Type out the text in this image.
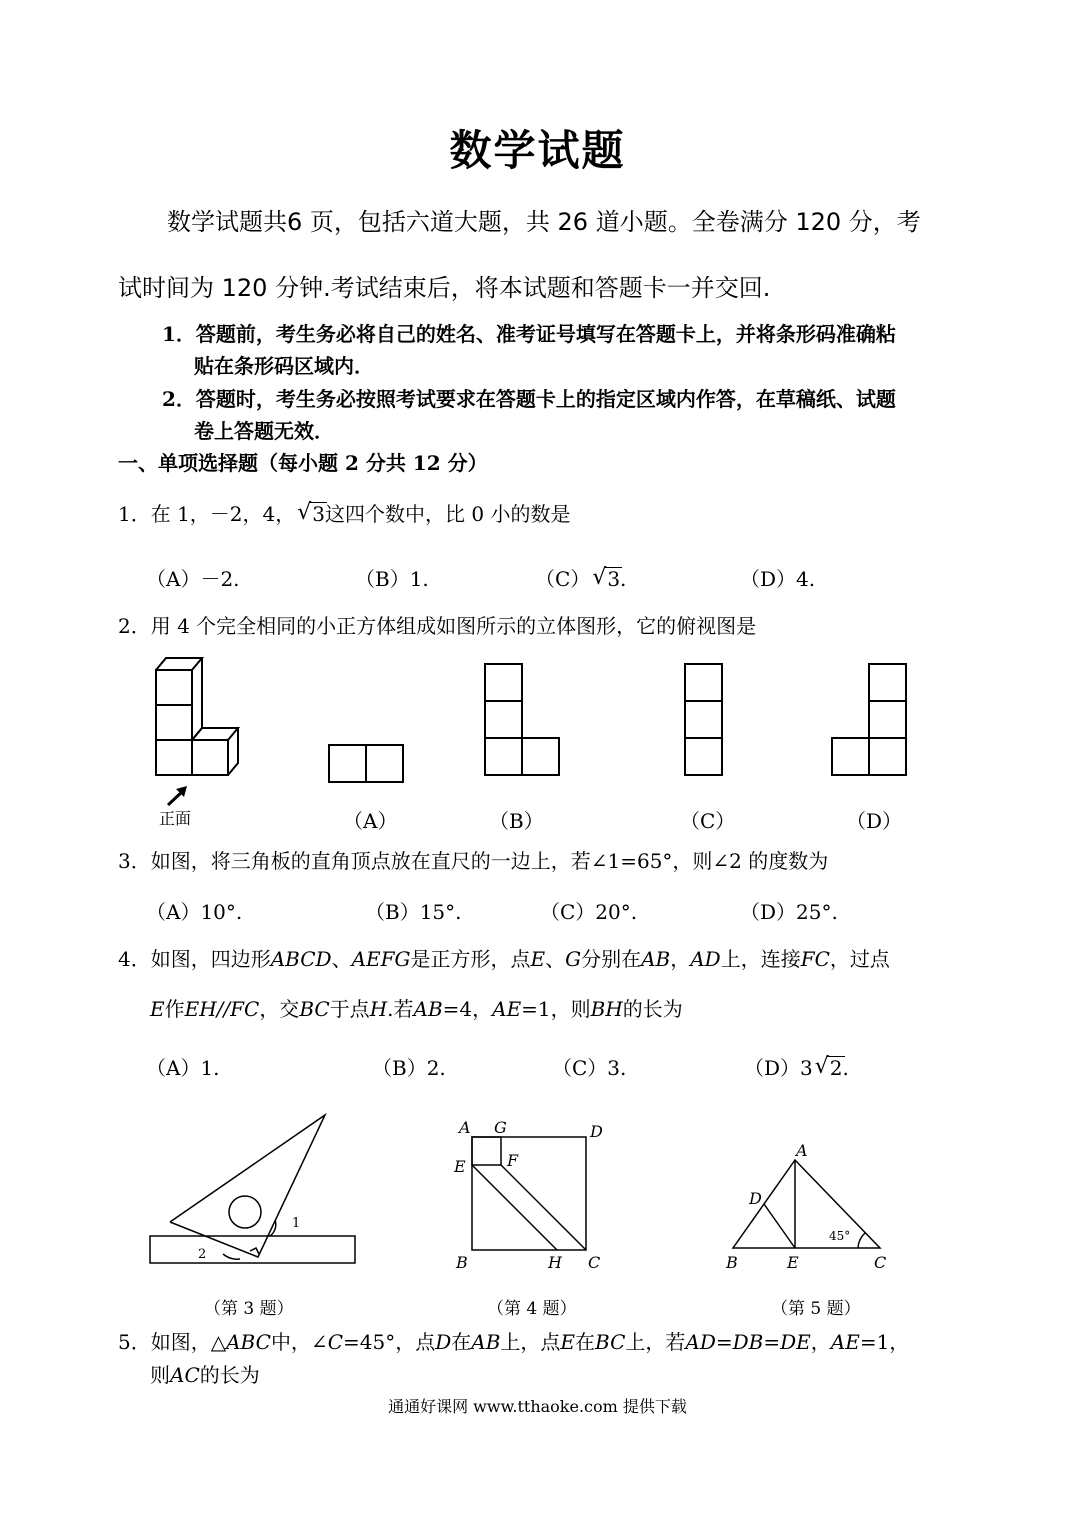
数学试题
数学试题共6 页，包括六道大题，共 26 道小题。全卷满分 120 分，考
试时间为 120 分钟.考试结束后，将本试题和答题卡一并交回.
1．答题前，考生务必将自己的姓名、准考证号填写在答题卡上，并将条形码准确粘
贴在条形码区域内．
2．答题时，考生务必按照考试要求在答题卡上的指定区域内作答，在草稿纸、试题
卷上答题无效．
一、单项选择题（每小题 2 分共 12 分）
1．在 1，－2，4， √ 3这四个数中，比 0 小的数是
（A）－2.	（B）1.	（C） √ 3.	（D）4.
2．用 4 个完全相同的小正方体组成如图所示的立体图形，它的俯视图是
正面	（A）	（B）	（C）	（D）
3．如图，将三角板的直角顶点放在直尺的一边上，若∠1=65°，则∠2 的度数为
（A）10°.	（B）15°.	（C）20°.	（D）25°.
4．如图，四边形ABCD、AEFG是正方形，点E、G分别在AB，AD上，连接FC，过点
E作EH//FC，交BC于点H.若AB=4，AE=1，则BH的长为
（A）1.	（B）2.	（C）3.	（D）3 √ 2.
1
2
A G	D
E	F
B	H C
A
D
B	E	C
45°
（第 3 题）	（第 4 题）	（第 5 题）
5．如图，△ABC中，∠C=45°，点D在AB上，点E在BC上，若AD=DB=DE，AE=1，
则AC的长为
通通好课网 www.tthaoke.com 提供下载
